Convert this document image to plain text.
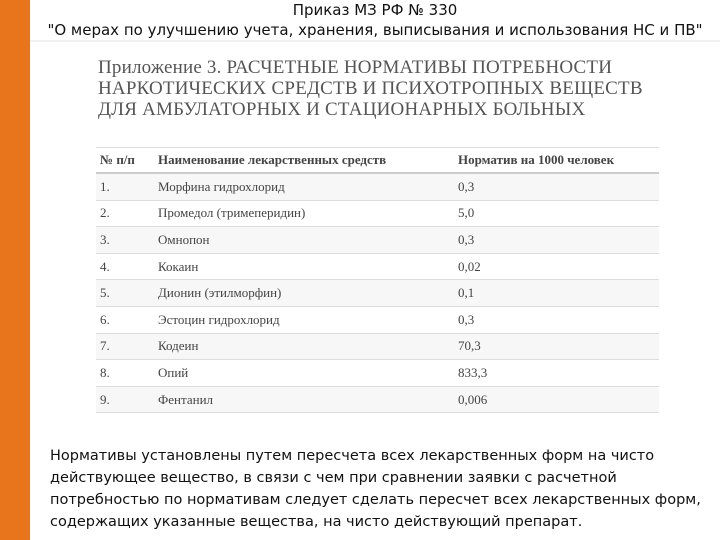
Приказ МЗ РФ № 330
"О мерах по улучшению учета, хранения, выписывания и использования НС и ПВ"
Приложение 3. РАСЧЕТНЫЕ НОРМАТИВЫ ПОТРЕБНОСТИ НАРКОТИЧЕСКИХ СРЕДСТВ И ПСИХОТРОПНЫХ ВЕЩЕСТВ ДЛЯ АМБУЛАТОРНЫХ И СТАЦИОНАРНЫХ БОЛЬНЫХ
№ п/п	Наименование лекарственных средств	Норматив на 1000 человек
1.	Морфина гидрохлорид	0,3
2.	Промедол (тримеперидин)	5,0
3.	Омнопон	0,3
4.	Кокаин	0,02
5.	Дионин (этилморфин)	0,1
6.	Эстоцин гидрохлорид	0,3
7.	Кодеин	70,3
8.	Опий	833,3
9.	Фентанил	0,006
Нормативы установлены путем пересчета всех лекарственных форм на чисто действующее вещество, в связи с чем при сравнении заявки с расчетной потребностью по нормативам следует сделать пересчет всех лекарственных форм, содержащих указанные вещества, на чисто действующий препарат.
